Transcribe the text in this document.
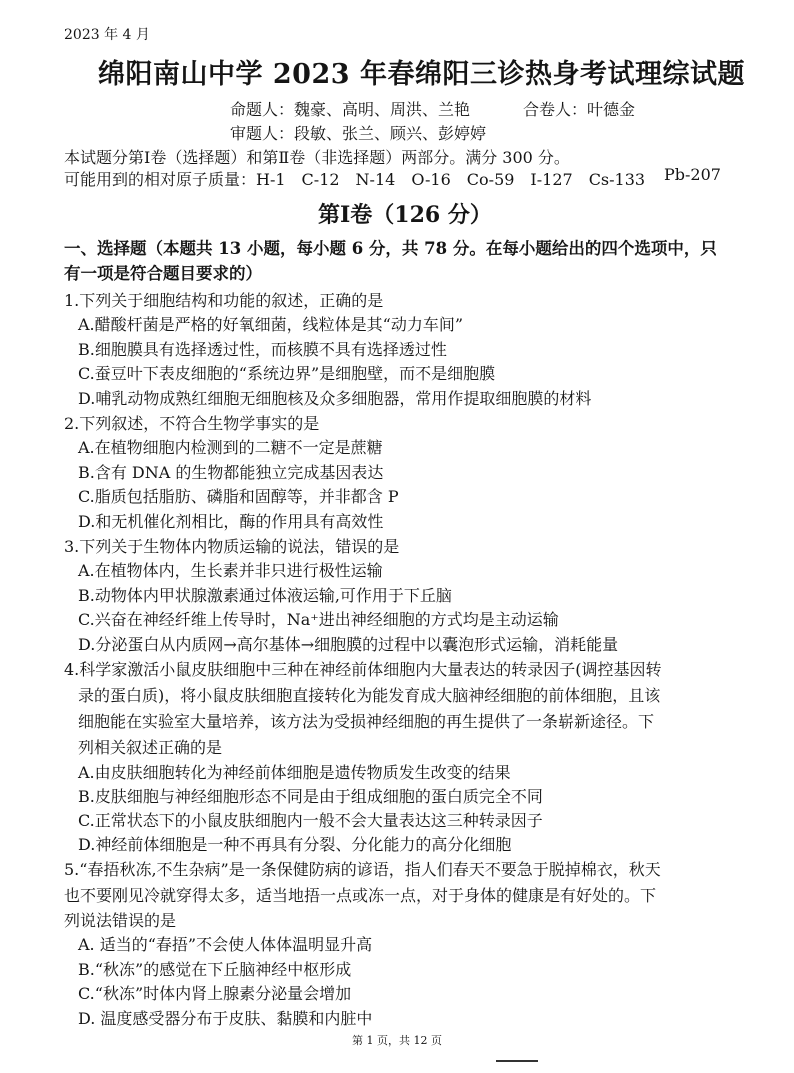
2023 年 4 月
绵阳南山中学 2023 年春绵阳三诊热身考试理综试题
命题人：魏豪、高明、周洪、兰艳	合卷人：叶德金
审题人：段敏、张兰、顾兴、彭婷婷
本试题分第Ⅰ卷（选择题）和第Ⅱ卷（非选择题）两部分。满分 300 分。
可能用到的相对原子质量：H-1　C-12　N-14　O-16　Co-59　I-127　Cs-133 Pb-207
第Ⅰ卷（126 分）
一、选择题（本题共 13 小题，每小题 6 分，共 78 分。在每小题给出的四个选项中，只
有一项是符合题目要求的）
1.下列关于细胞结构和功能的叙述，正确的是
A.醋酸杆菌是严格的好氧细菌，线粒体是其“动力车间”
B.细胞膜具有选择透过性，而核膜不具有选择透过性
C.蚕豆叶下表皮细胞的“系统边界”是细胞壁，而不是细胞膜
D.哺乳动物成熟红细胞无细胞核及众多细胞器，常用作提取细胞膜的材料
2.下列叙述，不符合生物学事实的是
A.在植物细胞内检测到的二糖不一定是蔗糖
B.含有 DNA 的生物都能独立完成基因表达
C.脂质包括脂肪、磷脂和固醇等，并非都含 P
D.和无机催化剂相比，酶的作用具有高效性
3.下列关于生物体内物质运输的说法，错误的是
A.在植物体内，生长素并非只进行极性运输
B.动物体内甲状腺激素通过体液运输,可作用于下丘脑
C.兴奋在神经纤维上传导时，Na⁺进出神经细胞的方式均是主动运输
D.分泌蛋白从内质网→高尔基体→细胞膜的过程中以囊泡形式运输，消耗能量
4.科学家激活小鼠皮肤细胞中三种在神经前体细胞内大量表达的转录因子(调控基因转
录的蛋白质)，将小鼠皮肤细胞直接转化为能发育成大脑神经细胞的前体细胞，且该
细胞能在实验室大量培养，该方法为受损神经细胞的再生提供了一条崭新途径。下
列相关叙述正确的是
A.由皮肤细胞转化为神经前体细胞是遗传物质发生改变的结果
B.皮肤细胞与神经细胞形态不同是由于组成细胞的蛋白质完全不同
C.正常状态下的小鼠皮肤细胞内一般不会大量表达这三种转录因子
D.神经前体细胞是一种不再具有分裂、分化能力的高分化细胞
5.“春捂秋冻,不生杂病”是一条保健防病的谚语，指人们春天不要急于脱掉棉衣，秋天
也不要刚见冷就穿得太多，适当地捂一点或冻一点，对于身体的健康是有好处的。下
列说法错误的是
A. 适当的“春捂”不会使人体体温明显升高
B.“秋冻”的感觉在下丘脑神经中枢形成
C.“秋冻”时体内肾上腺素分泌量会增加
D. 温度感受器分布于皮肤、黏膜和内脏中
第 1 页，共 12 页
